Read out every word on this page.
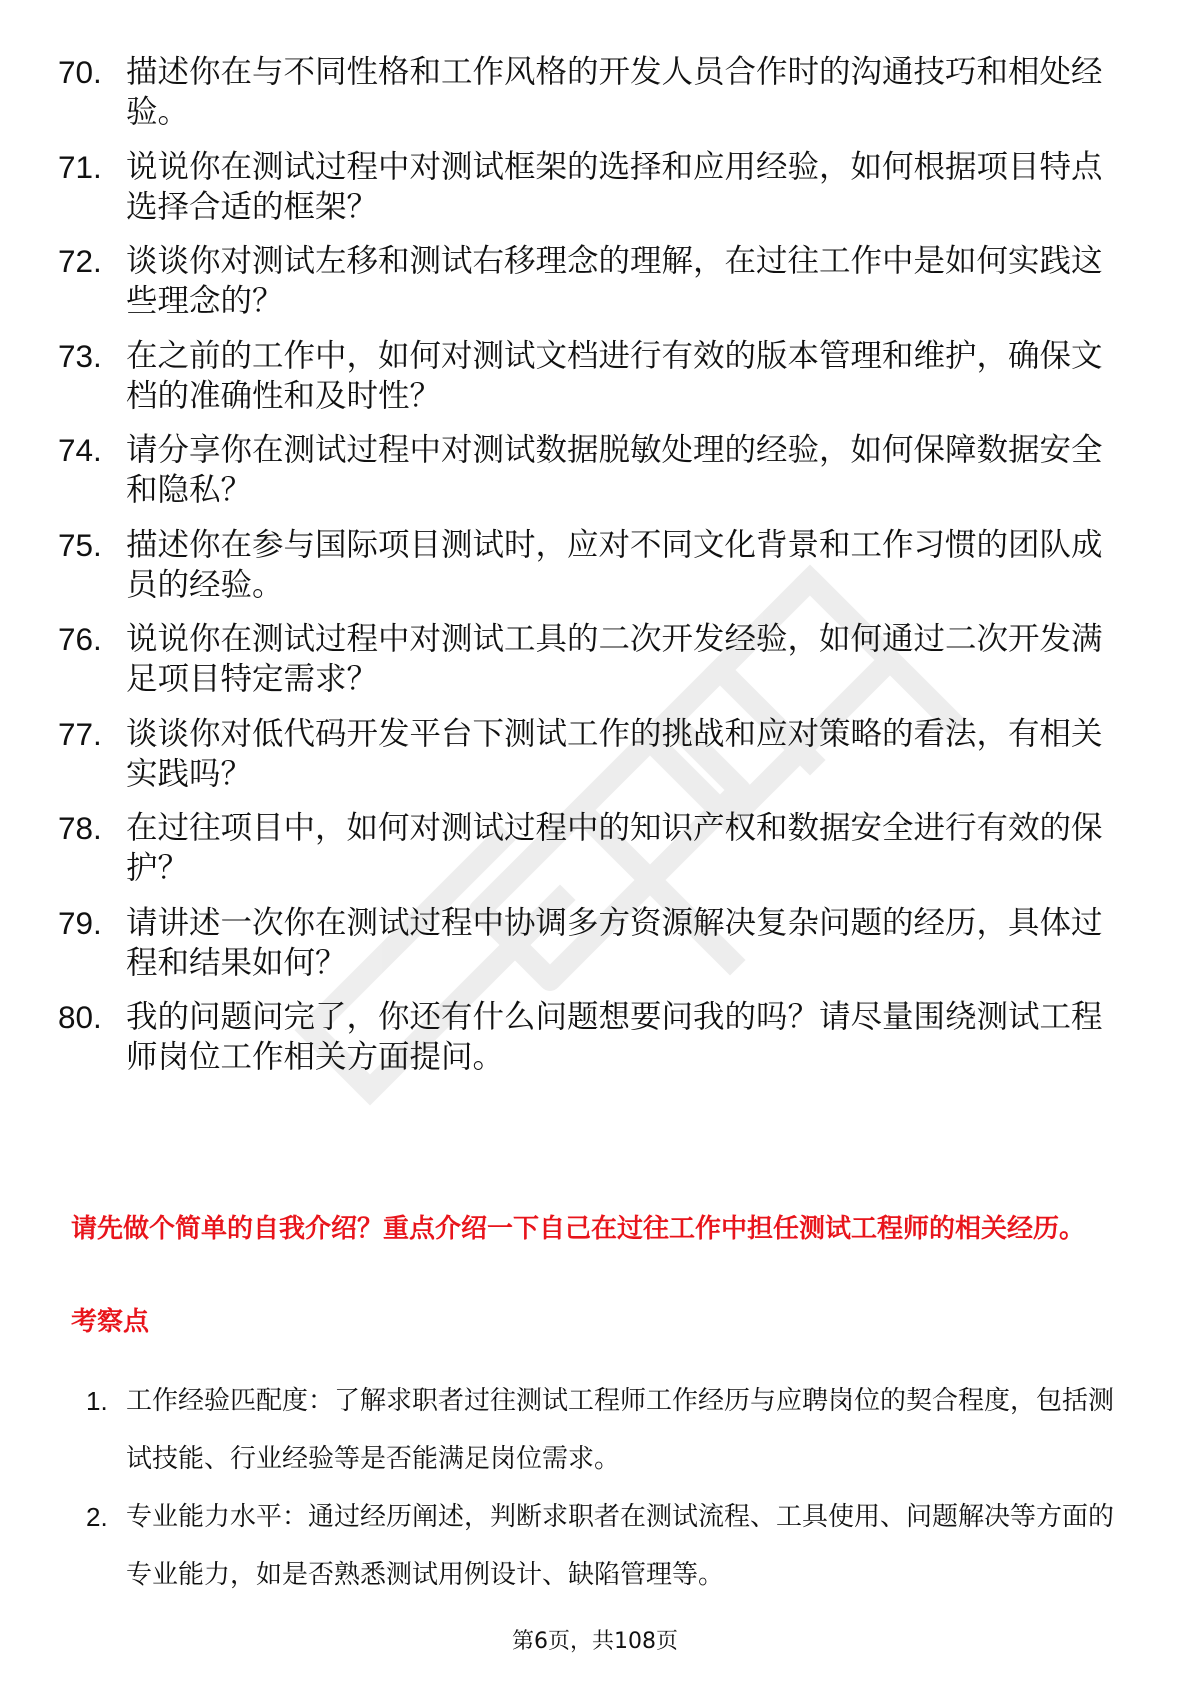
70. 描述你在与不同性格和工作风格的开发人员合作时的沟通技巧和相处经验。
71. 说说你在测试过程中对测试框架的选择和应用经验，如何根据项目特点选择合适的框架？
72. 谈谈你对测试左移和测试右移理念的理解，在过往工作中是如何实践这些理念的？
73. 在之前的工作中，如何对测试文档进行有效的版本管理和维护，确保文档的准确性和及时性？
74. 请分享你在测试过程中对测试数据脱敏处理的经验，如何保障数据安全和隐私？
75. 描述你在参与国际项目测试时，应对不同文化背景和工作习惯的团队成员的经验。
76. 说说你在测试过程中对测试工具的二次开发经验，如何通过二次开发满足项目特定需求？
77. 谈谈你对低代码开发平台下测试工作的挑战和应对策略的看法，有相关实践吗？
78. 在过往项目中，如何对测试过程中的知识产权和数据安全进行有效的保护？
79. 请讲述一次你在测试过程中协调多方资源解决复杂问题的经历，具体过程和结果如何？
80. 我的问题问完了，你还有什么问题想要问我的吗？请尽量围绕测试工程师岗位工作相关方面提问。

请先做个简单的自我介绍？重点介绍一下自己在过往工作中担任测试工程师的相关经历。

考察点
1. 工作经验匹配度：了解求职者过往测试工程师工作经历与应聘岗位的契合程度，包括测试技能、行业经验等是否能满足岗位需求。
2. 专业能力水平：通过经历阐述，判断求职者在测试流程、工具使用、问题解决等方面的专业能力，如是否熟悉测试用例设计、缺陷管理等。
第6页，共108页
